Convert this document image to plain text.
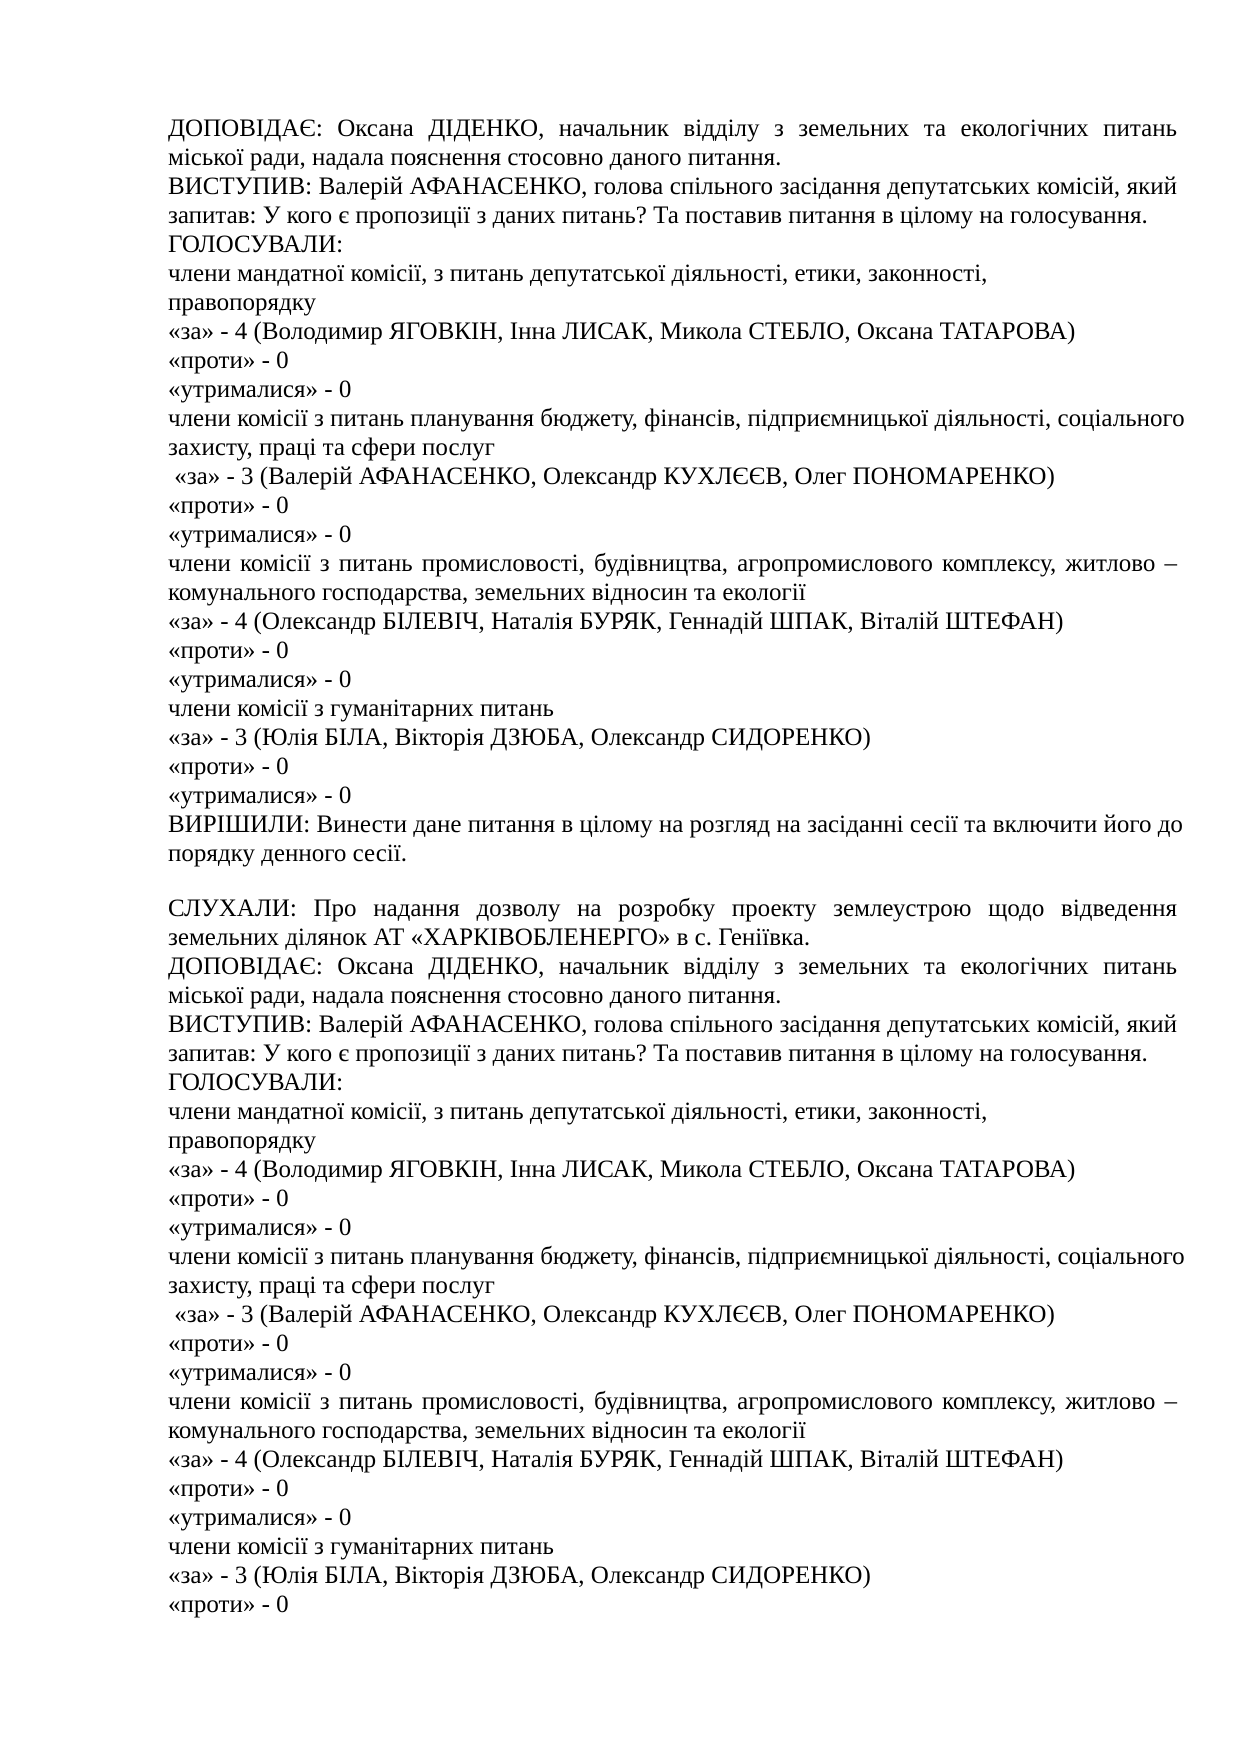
ДОПОВІДАЄ: Оксана ДІДЕНКО, начальник відділу з земельних та екологічних питань
міської ради, надала пояснення стосовно даного питання.
ВИСТУПИВ: Валерій АФАНАСЕНКО, голова спільного засідання депутатських комісій, який
запитав: У кого є пропозиції з даних питань? Та поставив питання в цілому на голосування.
ГОЛОСУВАЛИ:
члени мандатної комісії, з питань депутатської діяльності, етики, законності,
правопорядку
«за» - 4 (Володимир ЯГОВКІН, Інна ЛИСАК, Микола СТЕБЛО, Оксана ТАТАРОВА)
«проти» - 0
«утрималися» - 0
члени комісії з питань планування бюджету, фінансів, підприємницької діяльності, соціального
захисту, праці та сфери послуг
«за» - 3 (Валерій АФАНАСЕНКО, Олександр КУХЛЄЄВ, Олег ПОНОМАРЕНКО)
«проти» - 0
«утрималися» - 0
члени комісії з питань промисловості, будівництва, агропромислового комплексу, житлово –
комунального господарства, земельних відносин та екології
«за» - 4 (Олександр БІЛЕВІЧ, Наталія БУРЯК, Геннадій ШПАК, Віталій ШТЕФАН)
«проти» - 0
«утрималися» - 0
члени комісії з гуманітарних питань
«за» - 3 (Юлія БІЛА, Вікторія ДЗЮБА, Олександр СИДОРЕНКО)
«проти» - 0
«утрималися» - 0
ВИРІШИЛИ: Винести дане питання в цілому на розгляд на засіданні сесії та включити його до
порядку денного сесії.
СЛУХАЛИ: Про надання дозволу на розробку проекту землеустрою щодо відведення
земельних ділянок АТ «ХАРКІВОБЛЕНЕРГО» в с. Геніївка.
ДОПОВІДАЄ: Оксана ДІДЕНКО, начальник відділу з земельних та екологічних питань
міської ради, надала пояснення стосовно даного питання.
ВИСТУПИВ: Валерій АФАНАСЕНКО, голова спільного засідання депутатських комісій, який
запитав: У кого є пропозиції з даних питань? Та поставив питання в цілому на голосування.
ГОЛОСУВАЛИ:
члени мандатної комісії, з питань депутатської діяльності, етики, законності,
правопорядку
«за» - 4 (Володимир ЯГОВКІН, Інна ЛИСАК, Микола СТЕБЛО, Оксана ТАТАРОВА)
«проти» - 0
«утрималися» - 0
члени комісії з питань планування бюджету, фінансів, підприємницької діяльності, соціального
захисту, праці та сфери послуг
«за» - 3 (Валерій АФАНАСЕНКО, Олександр КУХЛЄЄВ, Олег ПОНОМАРЕНКО)
«проти» - 0
«утрималися» - 0
члени комісії з питань промисловості, будівництва, агропромислового комплексу, житлово –
комунального господарства, земельних відносин та екології
«за» - 4 (Олександр БІЛЕВІЧ, Наталія БУРЯК, Геннадій ШПАК, Віталій ШТЕФАН)
«проти» - 0
«утрималися» - 0
члени комісії з гуманітарних питань
«за» - 3 (Юлія БІЛА, Вікторія ДЗЮБА, Олександр СИДОРЕНКО)
«проти» - 0
